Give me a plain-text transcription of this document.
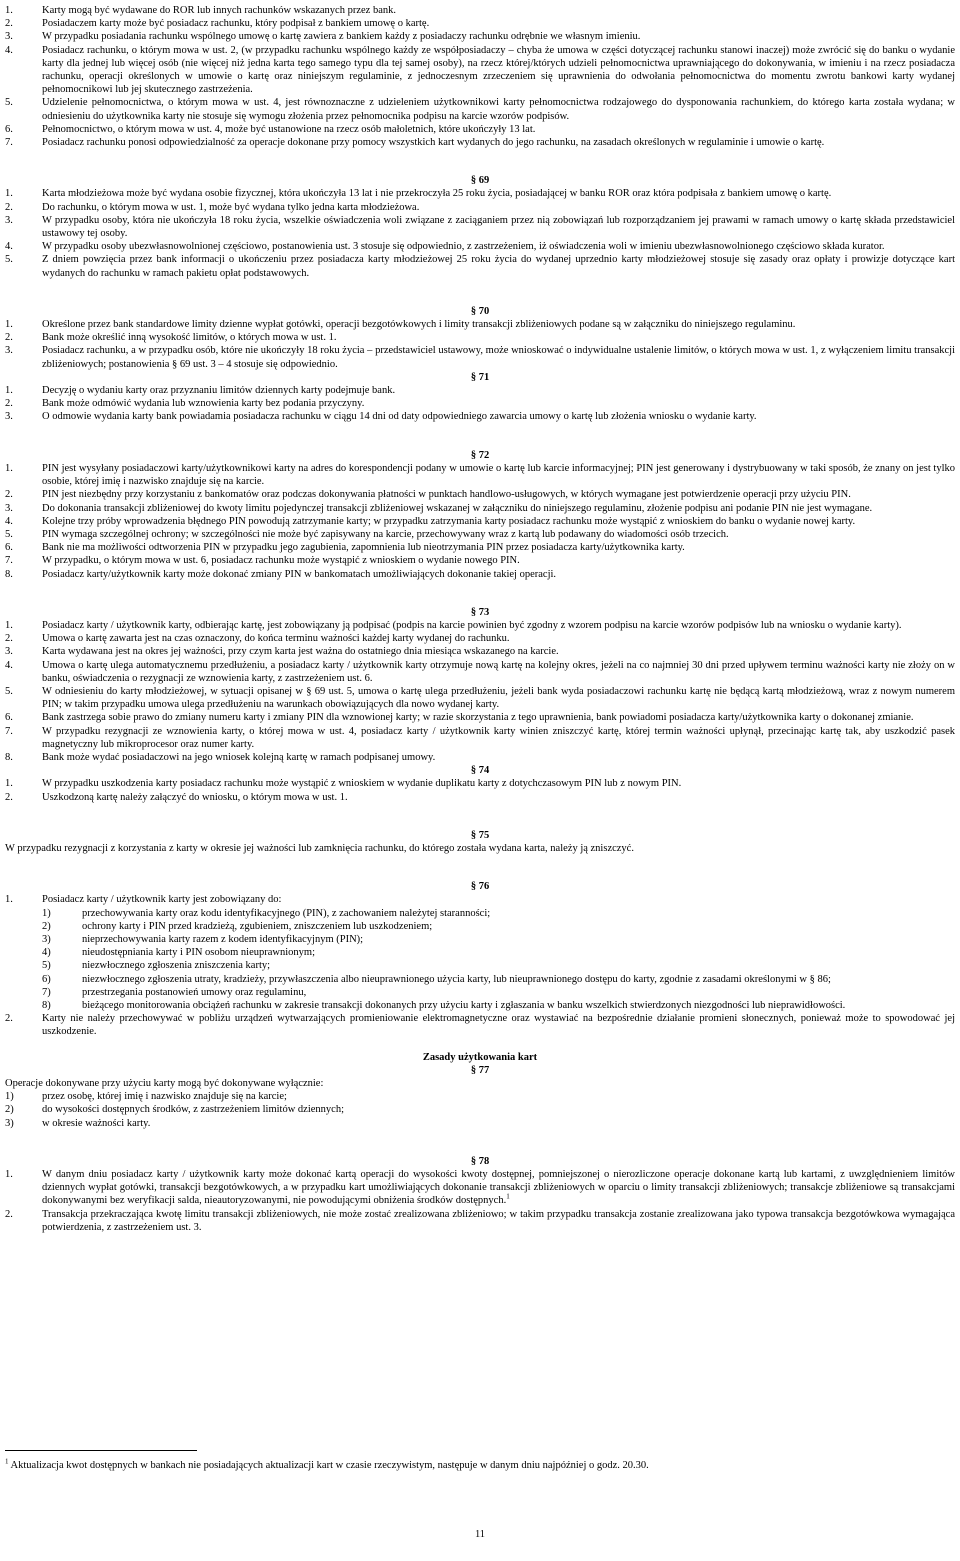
1.	Karty mogą być wydawane do ROR lub innych rachunków wskazanych przez bank.
2.	Posiadaczem karty może być posiadacz rachunku, który podpisał z bankiem umowę o kartę.
3.	W przypadku posiadania rachunku wspólnego umowę o kartę zawiera z bankiem każdy z posiadaczy rachunku odrębnie we własnym imieniu.
4.	Posiadacz rachunku, o którym mowa w ust. 2, (w przypadku rachunku wspólnego każdy ze współposiadaczy – chyba że umowa w części dotyczącej rachunku stanowi inaczej) może zwrócić się do banku o wydanie karty dla jednej lub więcej osób (nie więcej niż jedna karta tego samego typu dla tej samej osoby), na rzecz której/których udzieli pełnomocnictwa uprawniającego do dokonywania, w imieniu i na rzecz posiadacza rachunku, operacji określonych w umowie o kartę oraz niniejszym regulaminie, z jednoczesnym zrzeczeniem się uprawnienia do odwołania pełnomocnictwa do momentu zwrotu bankowi karty wydanej pełnomocnikowi lub jej skutecznego zastrzeżenia.
5.	Udzielenie pełnomocnictwa, o którym mowa w ust. 4, jest równoznaczne z udzieleniem użytkownikowi karty pełnomocnictwa rodzajowego do dysponowania rachunkiem, do którego karta została wydana; w odniesieniu do użytkownika karty nie stosuje się wymogu złożenia przez pełnomocnika podpisu na karcie wzorów podpisów.
6.	Pełnomocnictwo, o którym mowa w ust. 4, może być ustanowione na rzecz osób małoletnich, które ukończyły 13 lat.
7.	Posiadacz rachunku ponosi odpowiedzialność za operacje dokonane przy pomocy wszystkich kart wydanych do jego rachunku, na zasadach określonych w regulaminie i umowie o kartę.
§ 69
1.	Karta młodzieżowa może być wydana osobie fizycznej, która ukończyła 13 lat i nie przekroczyła 25 roku życia, posiadającej w banku ROR oraz która podpisała z bankiem umowę o kartę.
2.	Do rachunku, o którym mowa w ust. 1, może być wydana tylko jedna karta młodzieżowa.
3.	W przypadku osoby, która nie ukończyła 18 roku życia, wszelkie oświadczenia woli związane z zaciąganiem przez nią zobowiązań lub rozporządzaniem jej prawami w ramach umowy o kartę składa przedstawiciel ustawowy tej osoby.
4.	W przypadku osoby ubezwłasnowolnionej częściowo, postanowienia ust. 3 stosuje się odpowiednio, z zastrzeżeniem, iż oświadczenia woli w imieniu ubezwłasnowolnionego częściowo składa kurator.
5.	Z dniem powzięcia przez bank informacji o ukończeniu przez posiadacza karty młodzieżowej 25 roku życia do wydanej uprzednio karty młodzieżowej stosuje się zasady oraz opłaty i prowizje dotyczące kart wydanych do rachunku w ramach pakietu opłat podstawowych.
§ 70
1.	Określone przez bank standardowe limity dzienne wypłat gotówki, operacji bezgotówkowych i limity transakcji zbliżeniowych podane są w załączniku do niniejszego regulaminu.
2.	Bank może określić inną wysokość limitów, o których mowa w ust. 1.
3.	Posiadacz rachunku, a w przypadku osób, które nie ukończyły 18 roku życia – przedstawiciel ustawowy, może wnioskować o indywidualne ustalenie limitów, o których mowa w ust. 1, z wyłączeniem limitu transakcji zbliżeniowych; postanowienia § 69 ust. 3 – 4 stosuje się odpowiednio.
§ 71
1.	Decyzję o wydaniu karty oraz przyznaniu limitów dziennych karty podejmuje bank.
2.	Bank może odmówić wydania lub wznowienia karty bez podania przyczyny.
3.	O odmowie wydania karty bank powiadamia posiadacza rachunku w ciągu 14 dni od daty odpowiedniego zawarcia umowy o kartę lub złożenia wniosku o wydanie karty.
§ 72
1.	PIN jest wysyłany posiadaczowi karty/użytkownikowi karty na adres do korespondencji podany w umowie o kartę lub karcie informacyjnej; PIN jest generowany i dystrybuowany w taki sposób, że znany on jest tylko osobie, której imię i nazwisko znajduje się na karcie.
2.	PIN jest niezbędny przy korzystaniu z bankomatów oraz podczas dokonywania płatności w punktach handlowo-usługowych, w których wymagane jest potwierdzenie operacji przy użyciu PIN.
3.	Do dokonania transakcji zbliżeniowej do kwoty limitu pojedynczej transakcji zbliżeniowej wskazanej w załączniku do niniejszego regulaminu, złożenie podpisu ani podanie PIN nie jest wymagane.
4.	Kolejne trzy próby wprowadzenia błędnego PIN powodują zatrzymanie karty; w przypadku zatrzymania karty posiadacz rachunku może wystąpić z wnioskiem do banku o wydanie nowej karty.
5.	PIN wymaga szczególnej ochrony; w szczególności nie może być zapisywany na karcie, przechowywany wraz z kartą lub podawany do wiadomości osób trzecich.
6.	Bank nie ma możliwości odtworzenia PIN w przypadku jego zagubienia, zapomnienia lub nieotrzymania PIN przez posiadacza karty/użytkownika karty.
7.	W przypadku, o którym mowa w ust. 6, posiadacz rachunku może wystąpić z wnioskiem o wydanie nowego PIN.
8.	Posiadacz karty/użytkownik karty może dokonać zmiany PIN w bankomatach umożliwiających dokonanie takiej operacji.
§ 73
1.	Posiadacz karty / użytkownik karty, odbierając kartę, jest zobowiązany ją podpisać (podpis na karcie powinien być zgodny z wzorem podpisu na karcie wzorów podpisów lub na wniosku o wydanie karty).
2.	Umowa o kartę zawarta jest na czas oznaczony, do końca terminu ważności każdej karty wydanej do rachunku.
3.	Karta wydawana jest na okres jej ważności, przy czym karta jest ważna do ostatniego dnia miesiąca wskazanego na karcie.
4.	Umowa o kartę ulega automatycznemu przedłużeniu, a posiadacz karty / użytkownik karty otrzymuje nową kartę na kolejny okres, jeżeli na co najmniej 30 dni przed upływem terminu ważności karty nie złoży on w banku, oświadczenia o rezygnacji ze wznowienia karty, z zastrzeżeniem ust. 6.
5.	W odniesieniu do karty młodzieżowej, w sytuacji opisanej w § 69 ust. 5, umowa o kartę ulega przedłużeniu, jeżeli bank wyda posiadaczowi rachunku kartę nie będącą kartą młodzieżową, wraz z nowym numerem PIN; w takim przypadku umowa ulega przedłużeniu na warunkach obowiązujących dla nowo wydanej karty.
6.	Bank zastrzega sobie prawo do zmiany numeru karty i zmiany PIN dla wznowionej karty; w razie skorzystania z tego uprawnienia, bank powiadomi posiadacza karty/użytkownika karty o dokonanej zmianie.
7.	W przypadku rezygnacji ze wznowienia karty, o której mowa w ust. 4, posiadacz karty / użytkownik karty winien zniszczyć kartę, której termin ważności upłynął, przecinając kartę tak, aby uszkodzić pasek magnetyczny lub mikroprocesor oraz numer karty.
8.	Bank może wydać posiadaczowi na jego wniosek kolejną kartę w ramach podpisanej umowy.
§ 74
1.	W przypadku uszkodzenia karty posiadacz rachunku może wystąpić z wnioskiem w wydanie duplikatu karty z dotychczasowym PIN lub z nowym PIN.
2.	Uszkodzoną kartę należy załączyć do wniosku, o którym mowa w ust. 1.
§ 75
W przypadku rezygnacji z korzystania z karty w okresie jej ważności lub zamknięcia rachunku, do którego została wydana karta, należy ją zniszczyć.
§ 76
1.	Posiadacz karty / użytkownik karty jest zobowiązany do:
1)	przechowywania karty oraz kodu identyfikacyjnego (PIN), z zachowaniem należytej staranności;
2)	ochrony karty i PIN przed kradzieżą, zgubieniem, zniszczeniem lub uszkodzeniem;
3)	nieprzechowywania karty razem z kodem identyfikacyjnym (PIN);
4)	nieudostępniania karty i PIN osobom nieuprawnionym;
5)	niezwłocznego zgłoszenia zniszczenia karty;
6)	niezwłocznego zgłoszenia utraty, kradzieży, przywłaszczenia albo nieuprawnionego użycia karty, lub nieuprawnionego dostępu do karty, zgodnie z zasadami określonymi w § 86;
7)	przestrzegania postanowień umowy oraz regulaminu,
8)	bieżącego monitorowania obciążeń rachunku w zakresie transakcji dokonanych przy użyciu karty i zgłaszania w banku wszelkich stwierdzonych niezgodności lub nieprawidłowości.
2.	Karty nie należy przechowywać w pobliżu urządzeń wytwarzających promieniowanie elektromagnetyczne oraz wystawiać na bezpośrednie działanie promieni słonecznych, ponieważ może to spowodować jej uszkodzenie.
Zasady użytkowania kart
§ 77
Operacje dokonywane przy użyciu karty mogą być dokonywane wyłącznie:
1)	przez osobę, której imię i nazwisko znajduje się na karcie;
2)	do wysokości dostępnych środków, z zastrzeżeniem limitów dziennych;
3)	w okresie ważności karty.
§ 78
1.	W danym dniu posiadacz karty / użytkownik karty może dokonać kartą operacji do wysokości kwoty dostępnej, pomniejszonej o nierozliczone operacje dokonane kartą lub kartami, z uwzględnieniem limitów dziennych wypłat gotówki, transakcji bezgotówkowych, a w przypadku kart umożliwiających dokonanie transakcji zbliżeniowych w oparciu o limity transakcji zbliżeniowych; transakcje zbliżeniowe są transakcjami dokonywanymi bez weryfikacji salda, nieautoryzowanymi, nie powodującymi obniżenia środków dostępnych.$^1$
2.	Transakcja przekraczająca kwotę limitu transakcji zbliżeniowych, nie może zostać zrealizowana zbliżeniowo; w takim przypadku transakcja zostanie zrealizowana jako typowa transakcja bezgotówkowa wymagająca potwierdzenia, z zastrzeżeniem ust. 3.
$^1$ Aktualizacja kwot dostępnych w bankach nie posiadających aktualizacji kart w czasie rzeczywistym, następuje w danym dniu najpóźniej o godz. 20.30.
11
